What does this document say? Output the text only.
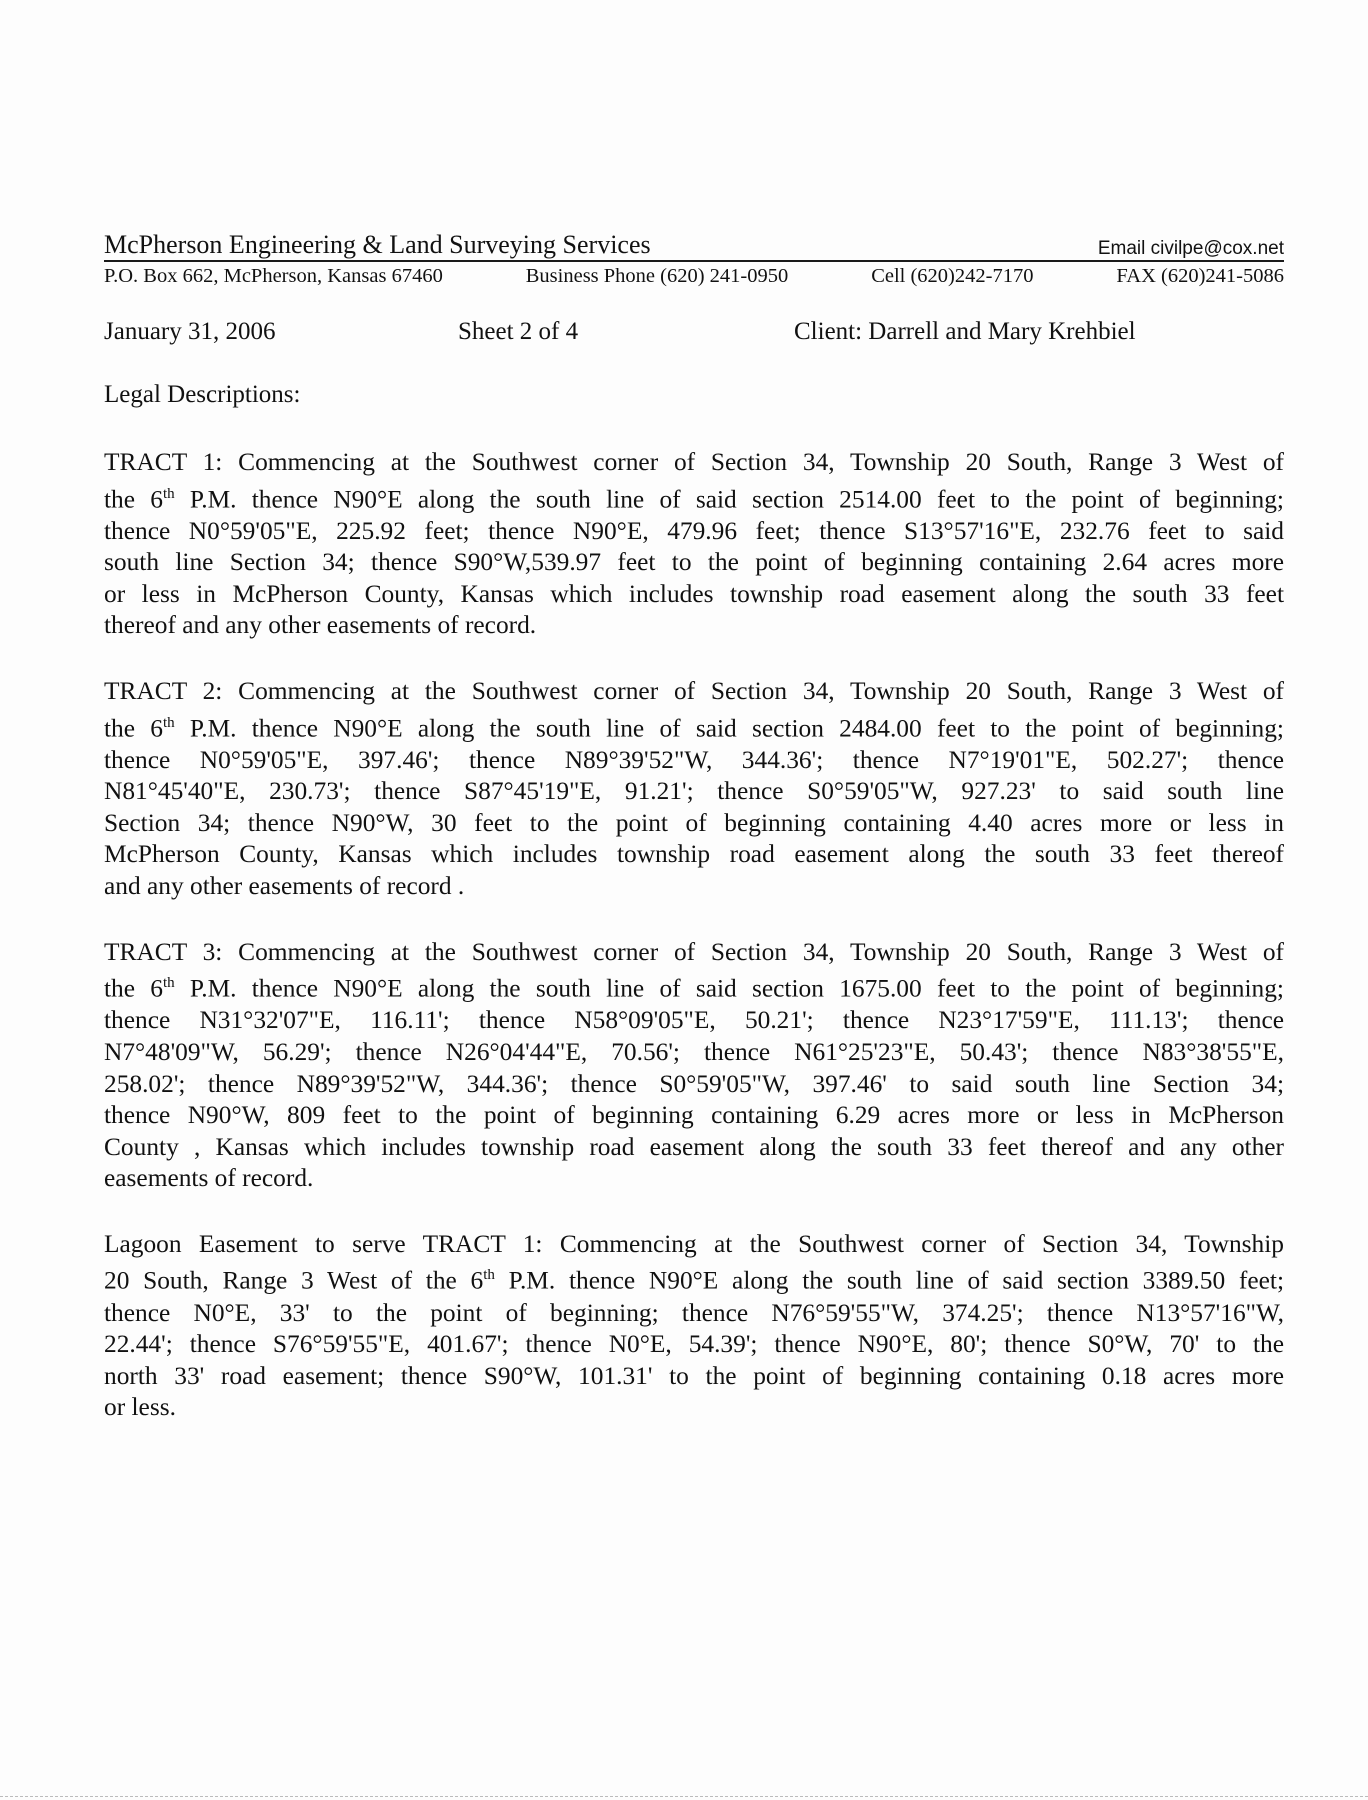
McPherson Engineering & Land Surveying Services	Email civilpe@cox.net
P.O. Box 662, McPherson, Kansas 67460	Business Phone (620) 241-0950	Cell (620)242-7170	FAX (620)241-5086
January 31, 2006	Sheet 2 of 4	Client: Darrell and Mary Krehbiel
Legal Descriptions:

TRACT 1: Commencing at the Southwest corner of Section 34, Township 20 South, Range 3 West of

the 6th P.M. thence N90°E along the south line of said section 2514.00 feet to the point of beginning;

thence N0°59'05"E, 225.92 feet; thence N90°E, 479.96 feet; thence S13°57'16"E, 232.76 feet to said

south line Section 34; thence S90°W,539.97 feet to the point of beginning containing 2.64 acres more

or less in McPherson County, Kansas which includes township road easement along the south 33 feet

thereof and any other easements of record.

TRACT 2: Commencing at the Southwest corner of Section 34, Township 20 South, Range 3 West of

the 6th P.M. thence N90°E along the south line of said section 2484.00 feet to the point of beginning;

thence N0°59'05"E, 397.46'; thence N89°39'52"W, 344.36'; thence N7°19'01"E, 502.27'; thence

N81°45'40"E, 230.73'; thence S87°45'19"E, 91.21'; thence S0°59'05"W, 927.23' to said south line

Section 34; thence N90°W, 30 feet to the point of beginning containing 4.40 acres more or less in

McPherson County, Kansas which includes township road easement along the south 33 feet thereof

and any other easements of record .

TRACT 3: Commencing at the Southwest corner of Section 34, Township 20 South, Range 3 West of

the 6th P.M. thence N90°E along the south line of said section 1675.00 feet to the point of beginning;

thence N31°32'07"E, 116.11'; thence N58°09'05"E, 50.21'; thence N23°17'59"E, 111.13'; thence

N7°48'09"W, 56.29'; thence N26°04'44"E, 70.56'; thence N61°25'23"E, 50.43'; thence N83°38'55"E,

258.02'; thence N89°39'52"W, 344.36'; thence S0°59'05"W, 397.46' to said south line Section 34;

thence N90°W, 809 feet to the point of beginning containing 6.29 acres more or less in McPherson

County , Kansas which includes township road easement along the south 33 feet thereof and any other

easements of record.

Lagoon Easement to serve TRACT 1: Commencing at the Southwest corner of Section 34, Township

20 South, Range 3 West of the 6th P.M. thence N90°E along the south line of said section 3389.50 feet;

thence N0°E, 33' to the point of beginning; thence N76°59'55"W, 374.25'; thence N13°57'16"W,

22.44'; thence S76°59'55"E, 401.67'; thence N0°E, 54.39'; thence N90°E, 80'; thence S0°W, 70' to the

north 33' road easement; thence S90°W, 101.31' to the point of beginning containing 0.18 acres more

or less.
